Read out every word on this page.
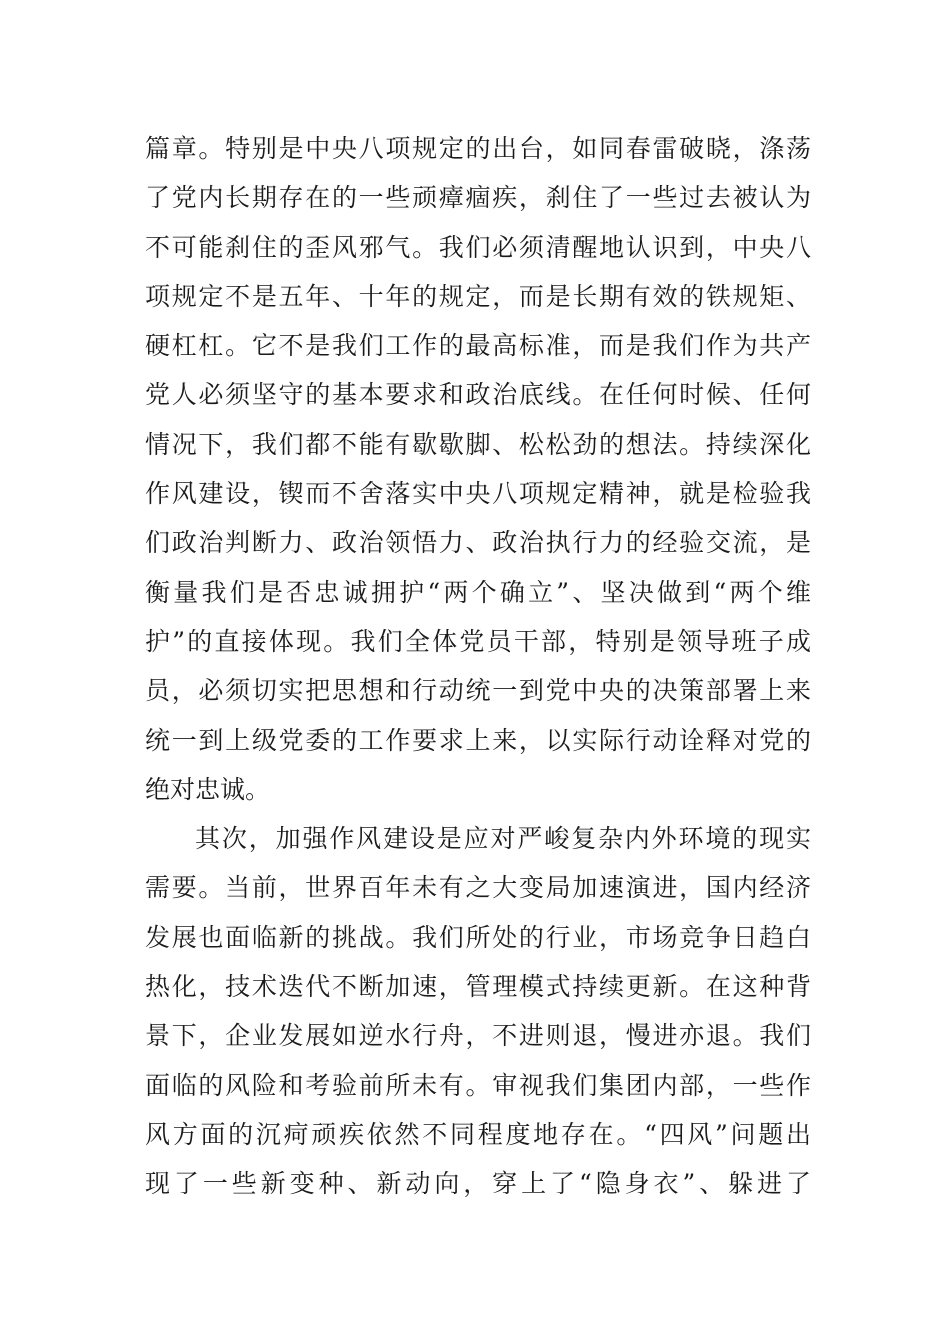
篇章。特别是中央八项规定的出台，如同春雷破晓，涤荡
了党内长期存在的一些顽瘴痼疾，刹住了一些过去被认为
不可能刹住的歪风邪气。我们必须清醒地认识到，中央八
项规定不是五年、十年的规定，而是长期有效的铁规矩、
硬杠杠。它不是我们工作的最高标准，而是我们作为共产
党人必须坚守的基本要求和政治底线。在任何时候、任何
情况下，我们都不能有歇歇脚、松松劲的想法。持续深化
作风建设，锲而不舍落实中央八项规定精神，就是检验我
们政治判断力、政治领悟力、政治执行力的经验交流，是
衡量我们是否忠诚拥护“两个确立”、坚决做到“两个维
护”的直接体现。我们全体党员干部，特别是领导班子成
员，必须切实把思想和行动统一到党中央的决策部署上来
统一到上级党委的工作要求上来，以实际行动诠释对党的
绝对忠诚。
其次，加强作风建设是应对严峻复杂内外环境的现实
需要。当前，世界百年未有之大变局加速演进，国内经济
发展也面临新的挑战。我们所处的行业，市场竞争日趋白
热化，技术迭代不断加速，管理模式持续更新。在这种背
景下，企业发展如逆水行舟，不进则退，慢进亦退。我们
面临的风险和考验前所未有。审视我们集团内部，一些作
风方面的沉疴顽疾依然不同程度地存在。“四风”问题出
现了一些新变种、新动向，穿上了“隐身衣”、躲进了
